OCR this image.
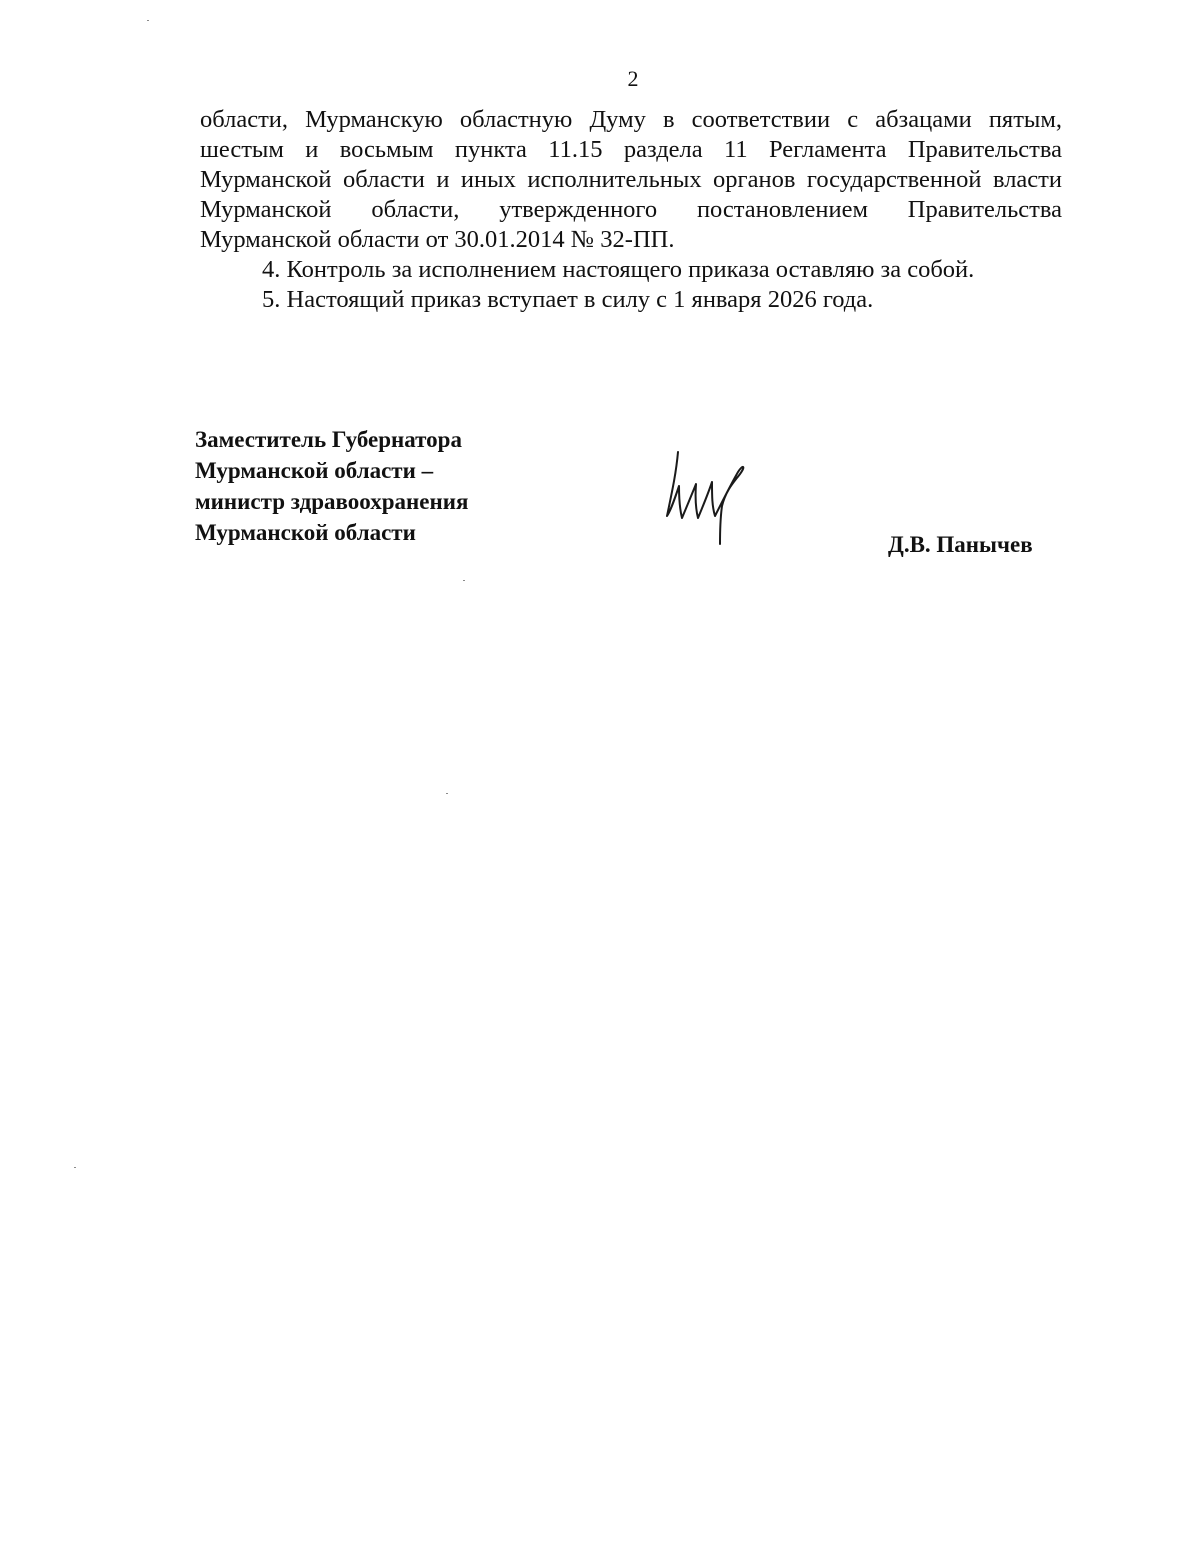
2

области, Мурманскую областную Думу в соответствии с абзацами пятым, шестым и восьмым пункта 11.15 раздела 11 Регламента Правительства Мурманской области и иных исполнительных органов государственной власти Мурманской области, утвержденного постановлением Правительства Мурманской области от 30.01.2014 № 32-ПП.

4. Контроль за исполнением настоящего приказа оставляю за собой.

5. Настоящий приказ вступает в силу с 1 января 2026 года.

Заместитель Губернатора
Мурманской области –
министр здравоохранения
Мурманской области	Д.В. Панычев
